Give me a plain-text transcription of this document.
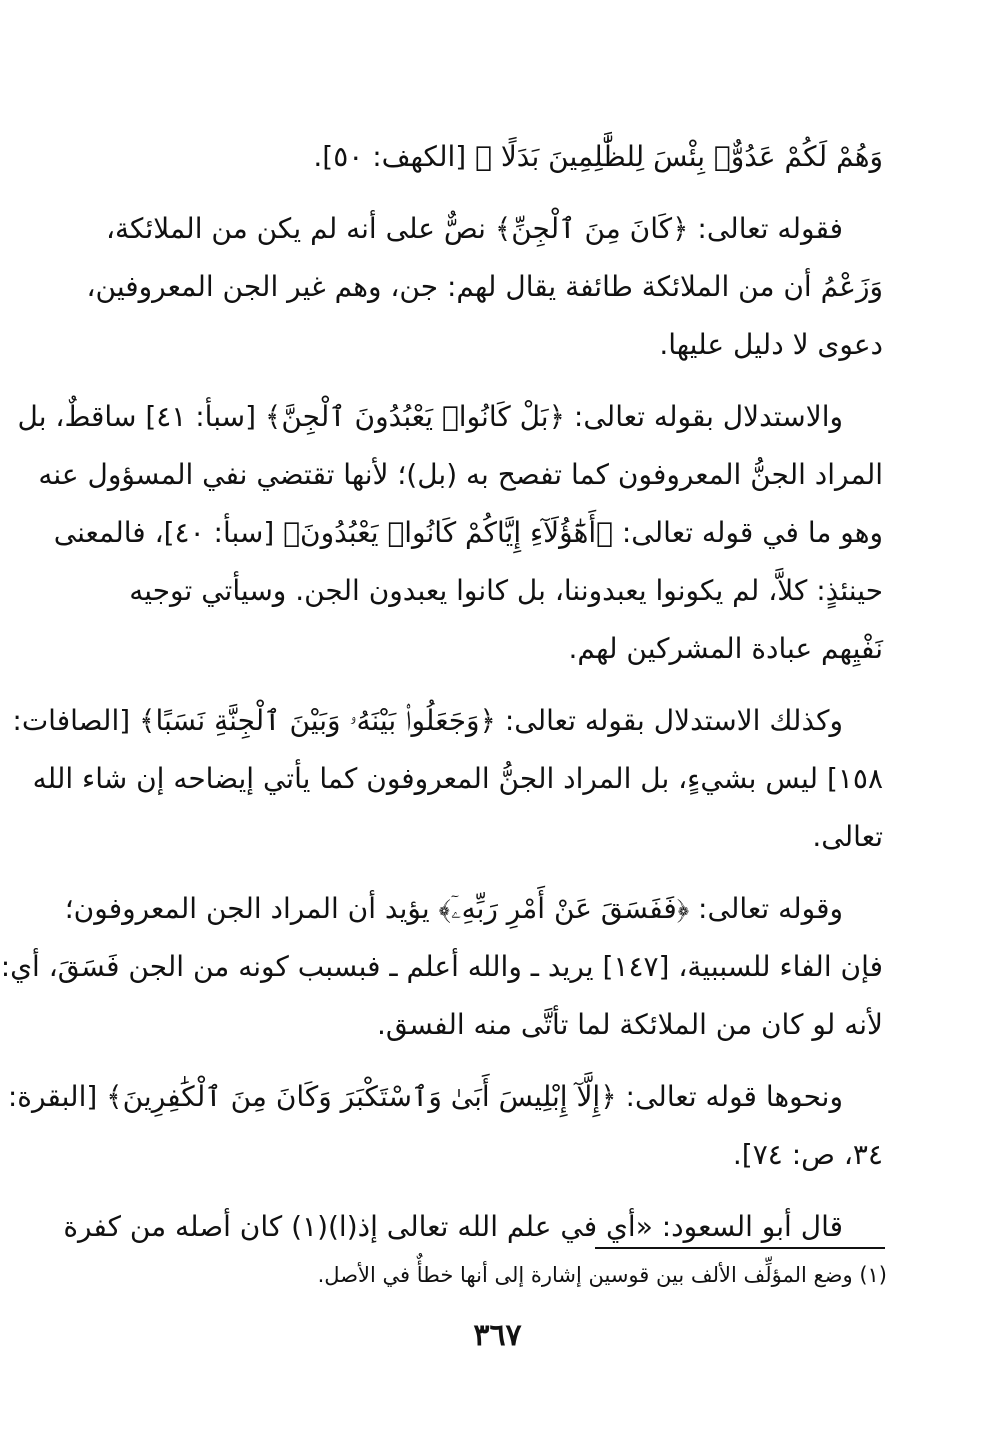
وَهُمْ لَكُمْ عَدُوٌّۢ بِئْسَ لِلظَّٰلِمِينَ بَدَلًا ﴾ [الكهف: ٥٠].
فقوله تعالى: ﴿كَانَ مِنَ ٱلْجِنِّ﴾ نصٌّ على أنه لم يكن من الملائكة،
وَزَعْمُ أن من الملائكة طائفة يقال لهم: جن، وهم غير الجن المعروفين،
دعوى لا دليل عليها.
والاستدلال بقوله تعالى: ﴿بَلْ كَانُوا۟ يَعْبُدُونَ ٱلْجِنَّ﴾ [سبأ: ٤١] ساقطٌ، بل
المراد الجنُّ المعروفون كما تفصح به (بل)؛ لأنها تقتضي نفي المسؤول عنه
وهو ما في قوله تعالى: ﴿أَهَٰٓؤُلَآءِ إِيَّاكُمْ كَانُوا۟ يَعْبُدُونَ﴾ [سبأ: ٤٠]، فالمعنى
حينئذٍ: كلاَّ، لم يكونوا يعبدوننا، بل كانوا يعبدون الجن. وسيأتي توجيه
نَفْيِهم عبادة المشركين لهم.
وكذلك الاستدلال بقوله تعالى: ﴿وَجَعَلُوا۟ بَيْنَهُۥ وَبَيْنَ ٱلْجِنَّةِ نَسَبًا﴾ [الصافات:
١٥٨] ليس بشيءٍ، بل المراد الجنُّ المعروفون كما يأتي إيضاحه إن شاء الله
تعالى.
وقوله تعالى: ﴿فَفَسَقَ عَنْ أَمْرِ رَبِّهِۦٓ﴾ يؤيد أن المراد الجن المعروفون؛
فإن الفاء للسببية، [١٤٧] يريد ـ والله أعلم ـ فبسبب كونه من الجن فَسَقَ، أي:
لأنه لو كان من الملائكة لما تأتَّى منه الفسق.
ونحوها قوله تعالى: ﴿إِلَّآ إِبْلِيسَ أَبَىٰ وَٱسْتَكْبَرَ وَكَانَ مِنَ ٱلْكَٰفِرِينَ﴾ [البقرة:
٣٤، ص: ٧٤].
قال أبو السعود: «أي في علم الله تعالى إذ(ا)(١) كان أصله من كفرة
(١) وضع المؤلِّف الألف بين قوسين إشارة إلى أنها خطأٌ في الأصل.
٣٦٧
